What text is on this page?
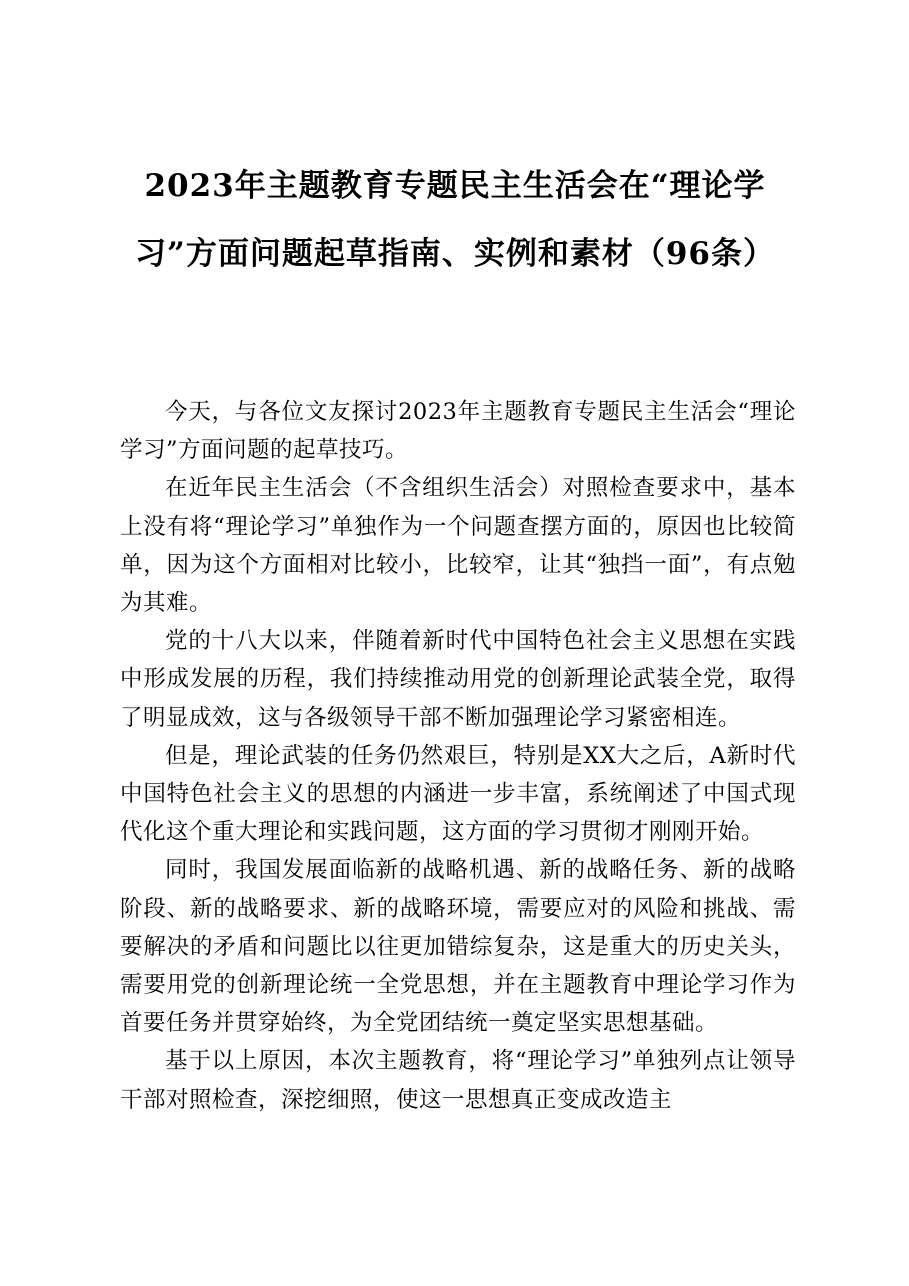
2023年主题教育专题民主生活会在“理论学习”方面问题起草指南、实例和素材（96条）

今天，与各位文友探讨2023年主题教育专题民主生活会“理论学习”方面问题的起草技巧。

在近年民主生活会（不含组织生活会）对照检查要求中，基本上没有将“理论学习”单独作为一个问题查摆方面的，原因也比较简单，因为这个方面相对比较小，比较窄，让其“独挡一面”，有点勉为其难。

党的十八大以来，伴随着新时代中国特色社会主义思想在实践中形成发展的历程，我们持续推动用党的创新理论武装全党，取得了明显成效，这与各级领导干部不断加强理论学习紧密相连。

但是，理论武装的任务仍然艰巨，特别是XX大之后，A新时代中国特色社会主义的思想的内涵进一步丰富，系统阐述了中国式现代化这个重大理论和实践问题，这方面的学习贯彻才刚刚开始。

同时，我国发展面临新的战略机遇、新的战略任务、新的战略阶段、新的战略要求、新的战略环境，需要应对的风险和挑战、需要解决的矛盾和问题比以往更加错综复杂，这是重大的历史关头，需要用党的创新理论统一全党思想，并在主题教育中理论学习作为首要任务并贯穿始终，为全党团结统一奠定坚实思想基础。

基于以上原因，本次主题教育，将“理论学习”单独列点让领导干部对照检查，深挖细照，使这一思想真正变成改造主
